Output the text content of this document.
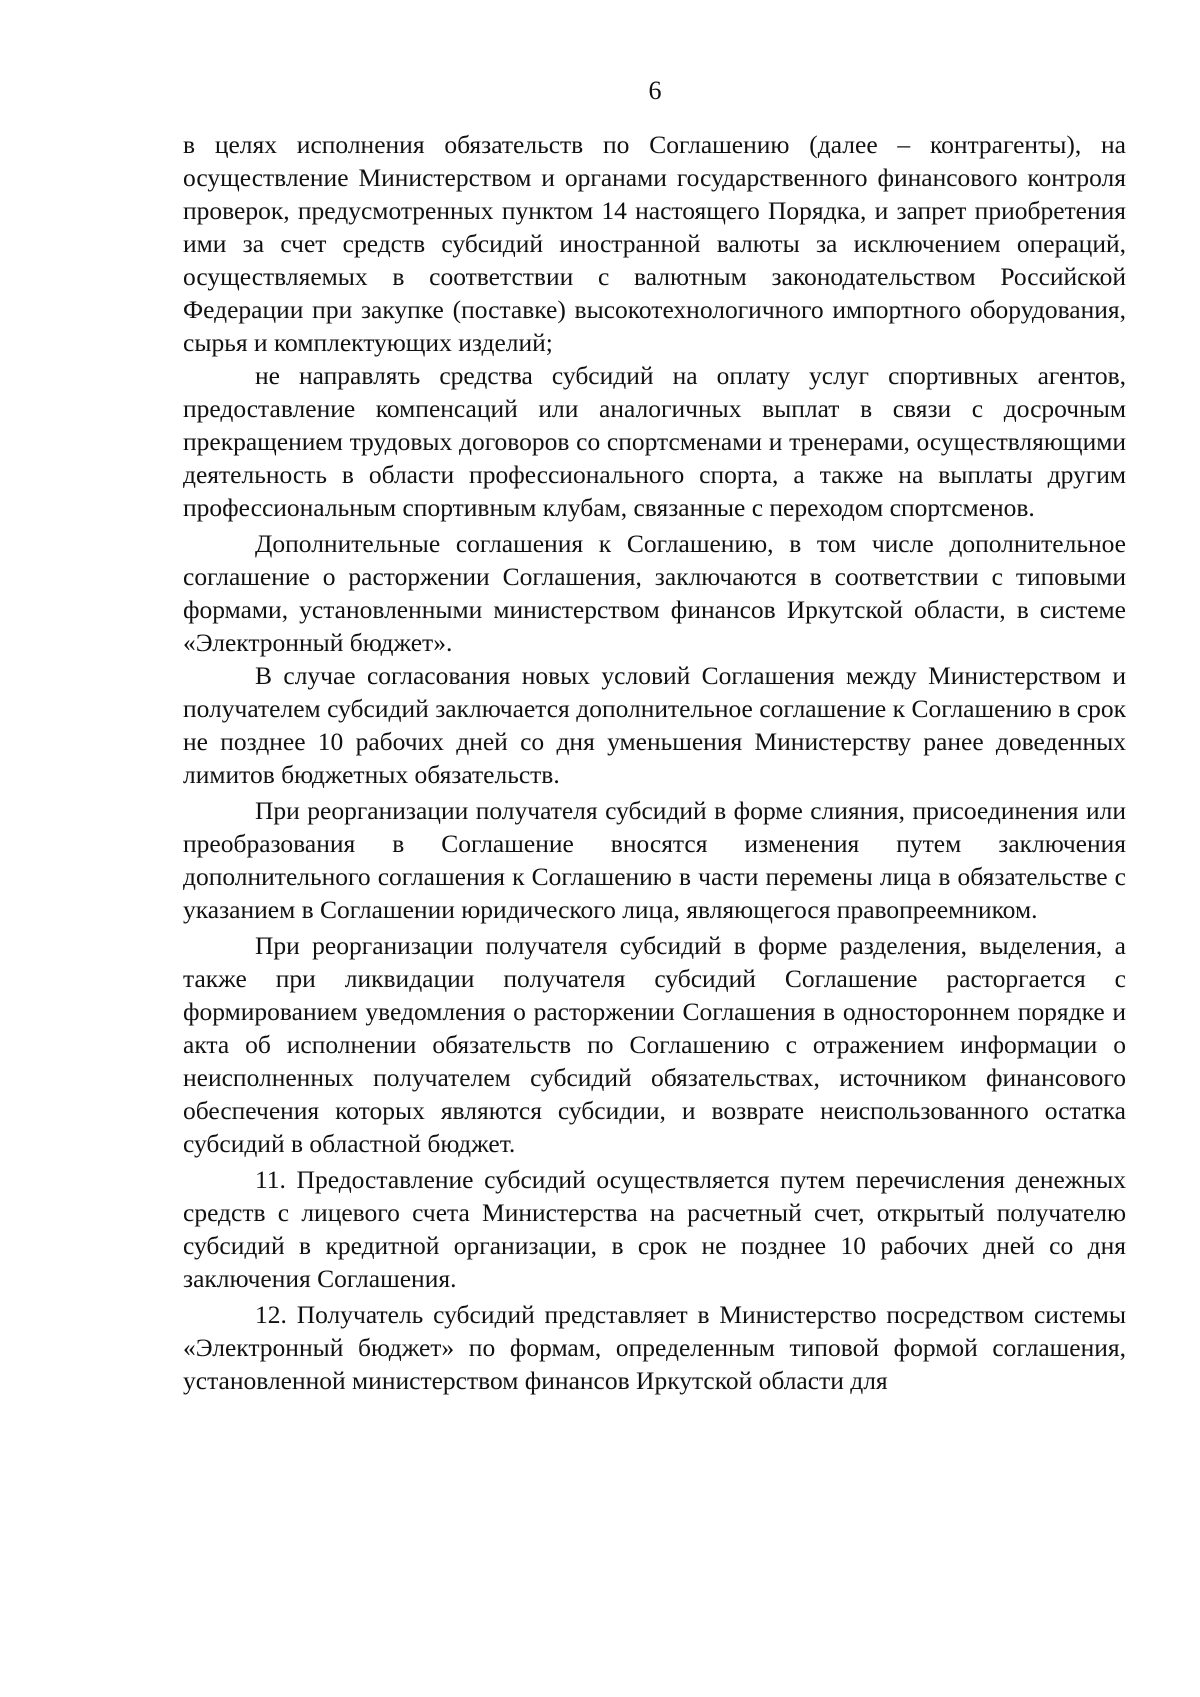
6

в целях исполнения обязательств по Соглашению (далее – контрагенты), на осуществление Министерством и органами государственного финансового контроля проверок, предусмотренных пунктом 14 настоящего Порядка, и запрет приобретения ими за счет средств субсидий иностранной валюты за исключением операций, осуществляемых в соответствии с валютным законодательством Российской Федерации при закупке (поставке) высокотехнологичного импортного оборудования, сырья и комплектующих изделий;

не направлять средства субсидий на оплату услуг спортивных агентов, предоставление компенсаций или аналогичных выплат в связи с досрочным прекращением трудовых договоров со спортсменами и тренерами, осуществляющими деятельность в области профессионального спорта, а также на выплаты другим профессиональным спортивным клубам, связанные с переходом спортсменов.

Дополнительные соглашения к Соглашению, в том числе дополнительное соглашение о расторжении Соглашения, заключаются в соответствии с типовыми формами, установленными министерством финансов Иркутской области, в системе «Электронный бюджет».

В случае согласования новых условий Соглашения между Министерством и получателем субсидий заключается дополнительное соглашение к Соглашению в срок не позднее 10 рабочих дней со дня уменьшения Министерству ранее доведенных лимитов бюджетных обязательств.

При реорганизации получателя субсидий в форме слияния, присоединения или преобразования в Соглашение вносятся изменения путем заключения дополнительного соглашения к Соглашению в части перемены лица в обязательстве с указанием в Соглашении юридического лица, являющегося правопреемником.

При реорганизации получателя субсидий в форме разделения, выделения, а также при ликвидации получателя субсидий Соглашение расторгается с формированием уведомления о расторжении Соглашения в одностороннем порядке и акта об исполнении обязательств по Соглашению с отражением информации о неисполненных получателем субсидий обязательствах, источником финансового обеспечения которых являются субсидии, и возврате неиспользованного остатка субсидий в областной бюджет.

11. Предоставление субсидий осуществляется путем перечисления денежных средств с лицевого счета Министерства на расчетный счет, открытый получателю субсидий в кредитной организации, в срок не позднее 10 рабочих дней со дня заключения Соглашения.

12. Получатель субсидий представляет в Министерство посредством системы «Электронный бюджет» по формам, определенным типовой формой соглашения, установленной министерством финансов Иркутской области для
